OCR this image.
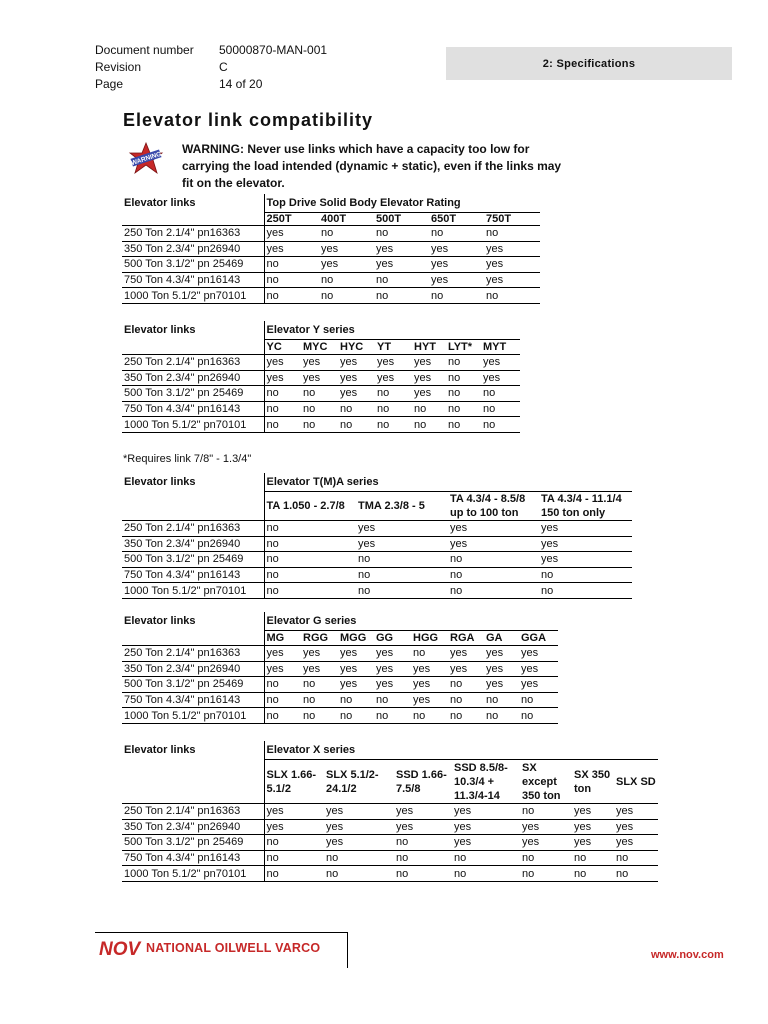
Document number	50000870-MAN-001
Revision	C
Page	14 of 20
2: Specifications
Elevator link compatibility
WARNING

WARNING: Never use links which have a capacity too low for carrying the load intended (dynamic + static), even if the links may fit on the elevator.

Elevator links	Top Drive Solid Body Elevator Rating				
	250T	400T	500T	650T	750T
250 Ton 2.1/4" pn16363	yes	no	no	no	no
350 Ton 2.3/4" pn26940	yes	yes	yes	yes	yes
500 Ton 3.1/2" pn 25469	no	yes	yes	yes	yes
750 Ton 4.3/4" pn16143	no	no	no	yes	yes
1000 Ton 5.1/2" pn70101	no	no	no	no	no
Elevator links	Elevator Y series						
	YC	MYC	HYC	YT	HYT	LYT*	MYT
250 Ton 2.1/4" pn16363	yes	yes	yes	yes	yes	no	yes
350 Ton 2.3/4" pn26940	yes	yes	yes	yes	yes	no	yes
500 Ton 3.1/2" pn 25469	no	no	yes	no	yes	no	no
750 Ton 4.3/4" pn16143	no	no	no	no	no	no	no
1000 Ton 5.1/2" pn70101	no	no	no	no	no	no	no

*Requires link 7/8" - 1.3/4"

Elevator links	Elevator T(M)A series			
	TA 1.050 - 2.7/8	TMA 2.3/8 - 5	TA 4.3/4 - 8.5/8 up to 100 ton	TA 4.3/4 - 11.1/4 150 ton only
250 Ton 2.1/4" pn16363	no	yes	yes	yes
350 Ton 2.3/4" pn26940	no	yes	yes	yes
500 Ton 3.1/2" pn 25469	no	no	no	yes
750 Ton 4.3/4" pn16143	no	no	no	no
1000 Ton 5.1/2" pn70101	no	no	no	no
Elevator links	Elevator G series							
	MG	RGG	MGG	GG	HGG	RGA	GA	GGA
250 Ton 2.1/4" pn16363	yes	yes	yes	yes	no	yes	yes	yes
350 Ton 2.3/4" pn26940	yes	yes	yes	yes	yes	yes	yes	yes
500 Ton 3.1/2" pn 25469	no	no	yes	yes	yes	no	yes	yes
750 Ton 4.3/4" pn16143	no	no	no	no	yes	no	no	no
1000 Ton 5.1/2" pn70101	no	no	no	no	no	no	no	no
Elevator links	Elevator X series						
	SLX 1.66-5.1/2	SLX 5.1/2-24.1/2	SSD 1.66-7.5/8	SSD 8.5/8-10.3/4 + 11.3/4-14	SX except 350 ton	SX 350 ton	SLX SD
250 Ton 2.1/4" pn16363	yes	yes	yes	yes	no	yes	yes
350 Ton 2.3/4" pn26940	yes	yes	yes	yes	yes	yes	yes
500 Ton 3.1/2" pn 25469	no	yes	no	yes	yes	yes	yes
750 Ton 4.3/4" pn16143	no	no	no	no	no	no	no
1000 Ton 5.1/2" pn70101	no	no	no	no	no	no	no
NOV NATIONAL OILWELL VARCO	www.nov.com
